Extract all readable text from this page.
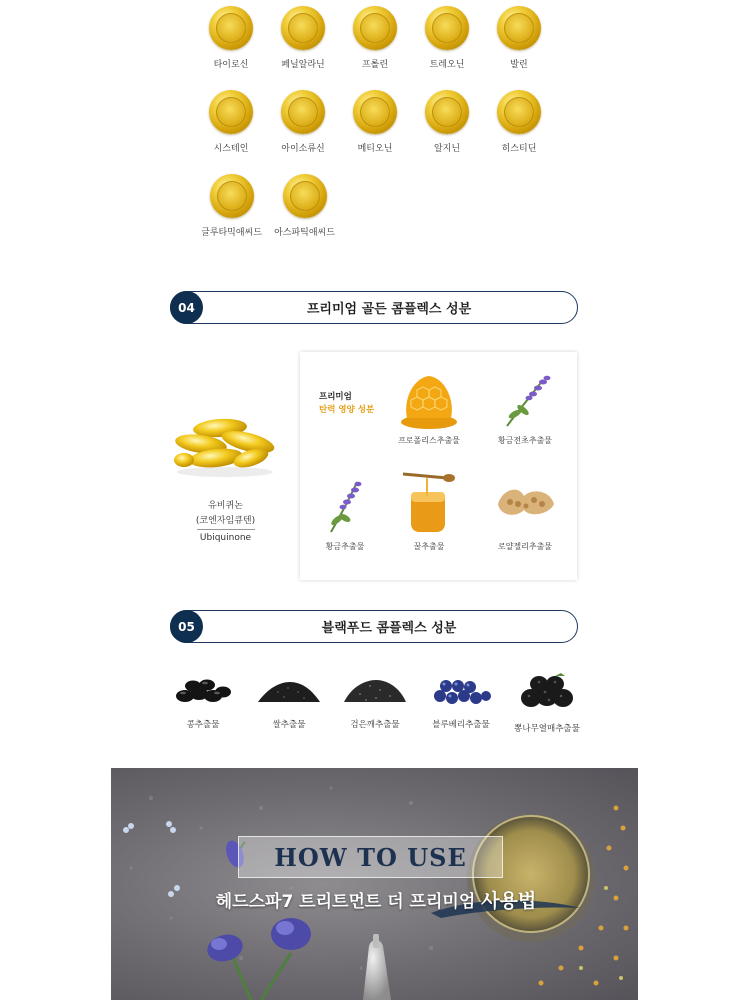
타이로신	페닐알라닌	프롤린	트레오닌	발린
시스테인	아이소류신	메티오닌	알지닌	히스티딘
글루타믹애씨드 아스파틱애씨드
04	프리미엄 골든 콤플렉스 성분
유비퀴논
(코엔자임큐텐)
Ubiquinone
프리미엄
탄력 영양 성분
프로폴리스추출물	황금전초추출물
황금추출물	꿀추출물	로얄젤리추출물
05	블랙푸드 콤플렉스 성분
콩추출물	쌀추출물	검은깨추출물	블루베리추출물	뽕나무열매추출물
HOW TO USE
헤드스파7 트리트먼트 더 프리미엄 사용법
